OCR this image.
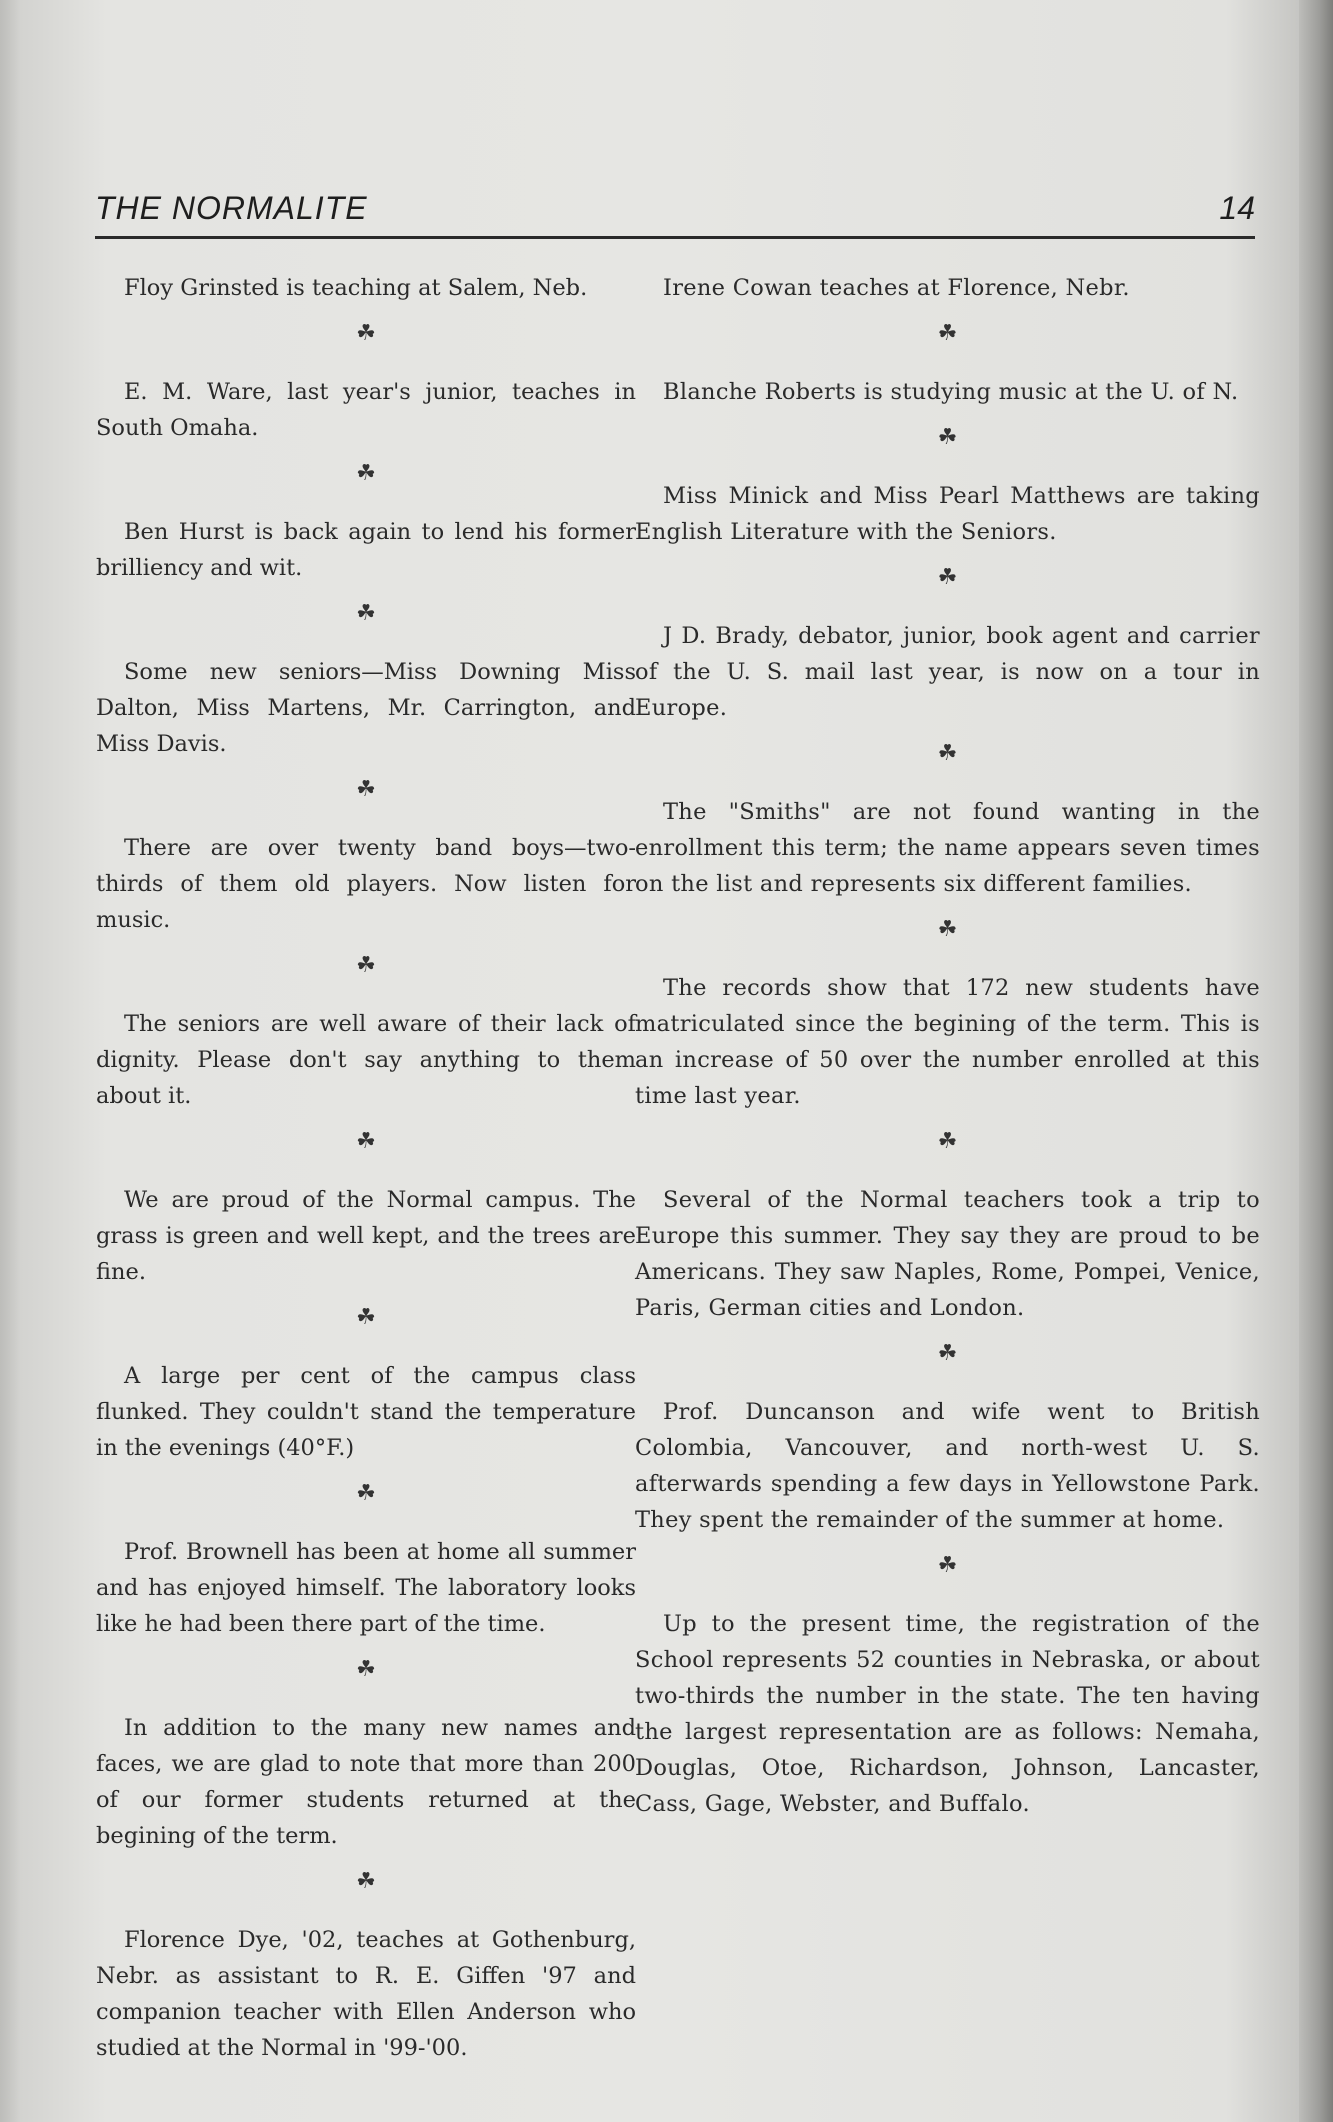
THE NORMALITE	14

Floy Grinsted is teaching at Salem, Neb.

☘

E. M. Ware, last year's junior, teaches in South Omaha.

☘

Ben Hurst is back again to lend his former brilliency and wit.

☘

Some new seniors—Miss Downing Miss Dalton, Miss Martens, Mr. Carrington, and Miss Davis.

☘

There are over twenty band boys—two-thirds of them old players. Now listen for music.

☘

The seniors are well aware of their lack of dignity. Please don't say anything to them about it.

☘

We are proud of the Normal campus. The grass is green and well kept, and the trees are fine.

☘

A large per cent of the campus class flunked. They couldn't stand the temperature in the evenings (40°F.)

☘

Prof. Brownell has been at home all summer and has enjoyed himself. The laboratory looks like he had been there part of the time.

☘

In addition to the many new names and faces, we are glad to note that more than 200 of our former students returned at the begining of the term.

☘

Florence Dye, '02, teaches at Gothenburg, Nebr. as assistant to R. E. Giffen '97 and companion teacher with Ellen Anderson who studied at the Normal in '99-'00.

Irene Cowan teaches at Florence, Nebr.

☘

Blanche Roberts is studying music at the U. of N.

☘

Miss Minick and Miss Pearl Matthews are taking English Literature with the Seniors.

☘

J D. Brady, debator, junior, book agent and carrier of the U. S. mail last year, is now on a tour in Europe.

☘

The "Smiths" are not found wanting in the enrollment this term; the name appears seven times on the list and represents six different families.

☘

The records show that 172 new students have matriculated since the begining of the term. This is an increase of 50 over the number enrolled at this time last year.

☘

Several of the Normal teachers took a trip to Europe this summer. They say they are proud to be Americans. They saw Naples, Rome, Pompei, Venice, Paris, German cities and London.

☘

Prof. Duncanson and wife went to British Colombia, Vancouver, and north-west U. S. afterwards spending a few days in Yellowstone Park. They spent the remainder of the summer at home.

☘

Up to the present time, the registration of the School represents 52 counties in Nebraska, or about two-thirds the number in the state. The ten having the largest representation are as follows: Nemaha, Douglas, Otoe, Richardson, Johnson, Lancaster, Cass, Gage, Webster, and Buffalo.
